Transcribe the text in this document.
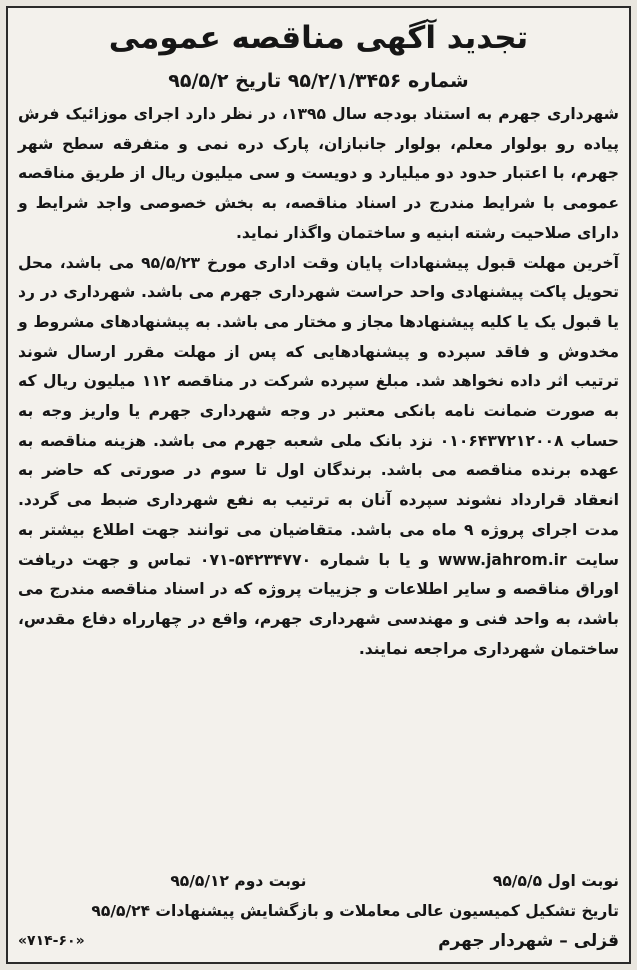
تجدید آگهی مناقصه عمومی
شماره ۹۵/۲/۱/۳۴۵۶ تاریخ ۹۵/۵/۲

شهرداری جهرم به استناد بودجه سال ۱۳۹۵، در نظر دارد اجرای موزائیک فرش پیاده رو بولوار معلم، بولوار جانبازان، پارک دره نمی و متفرقه سطح شهر جهرم، با اعتبار حدود دو میلیارد و دویست و سی میلیون ریال از طریق مناقصه عمومی با شرایط مندرج در اسناد مناقصه، به بخش خصوصی واجد شرایط و دارای صلاحیت رشته ابنیه و ساختمان واگذار نماید.

آخرین مهلت قبول پیشنهادات پایان وقت اداری مورخ ۹۵/۵/۲۳ می باشد، محل تحویل پاکت پیشنهادی واحد حراست شهرداری جهرم می باشد. شهرداری در رد یا قبول یک یا کلیه پیشنهادها مجاز و مختار می باشد. به پیشنهادهای مشروط و مخدوش و فاقد سپرده و پیشنهادهایی که پس از مهلت مقرر ارسال شوند ترتیب اثر داده نخواهد شد. مبلغ سپرده شرکت در مناقصه ۱۱۲ میلیون ریال که به صورت ضمانت نامه بانکی معتبر در وجه شهرداری جهرم یا واریز وجه به حساب ۰۱۰۶۴۳۷۲۱۲۰۰۸ نزد بانک ملی شعبه جهرم می باشد. هزینه مناقصه به عهده برنده مناقصه می باشد. برندگان اول تا سوم در صورتی که حاضر به انعقاد قرارداد نشوند سپرده آنان به ترتیب به نفع شهرداری ضبط می گردد. مدت اجرای پروژه ۹ ماه می باشد. متقاضیان می توانند جهت اطلاع بیشتر به سایت www.jahrom.ir و یا با شماره ۵۴۲۳۴۷۷۰-۰۷۱ تماس و جهت دریافت اوراق مناقصه و سایر اطلاعات و جزییات پروژه که در اسناد مناقصه مندرج می باشد، به واحد فنی و مهندسی شهرداری جهرم، واقع در چهارراه دفاع مقدس، ساختمان شهرداری مراجعه نمایند.

نوبت اول ۹۵/۵/۵
نوبت دوم ۹۵/۵/۱۲
تاریخ تشکیل کمیسیون عالی معاملات و بازگشایش پیشنهادات ۹۵/۵/۲۴
قزلی – شهردار جهرم
«۷۱۴-۶۰»
